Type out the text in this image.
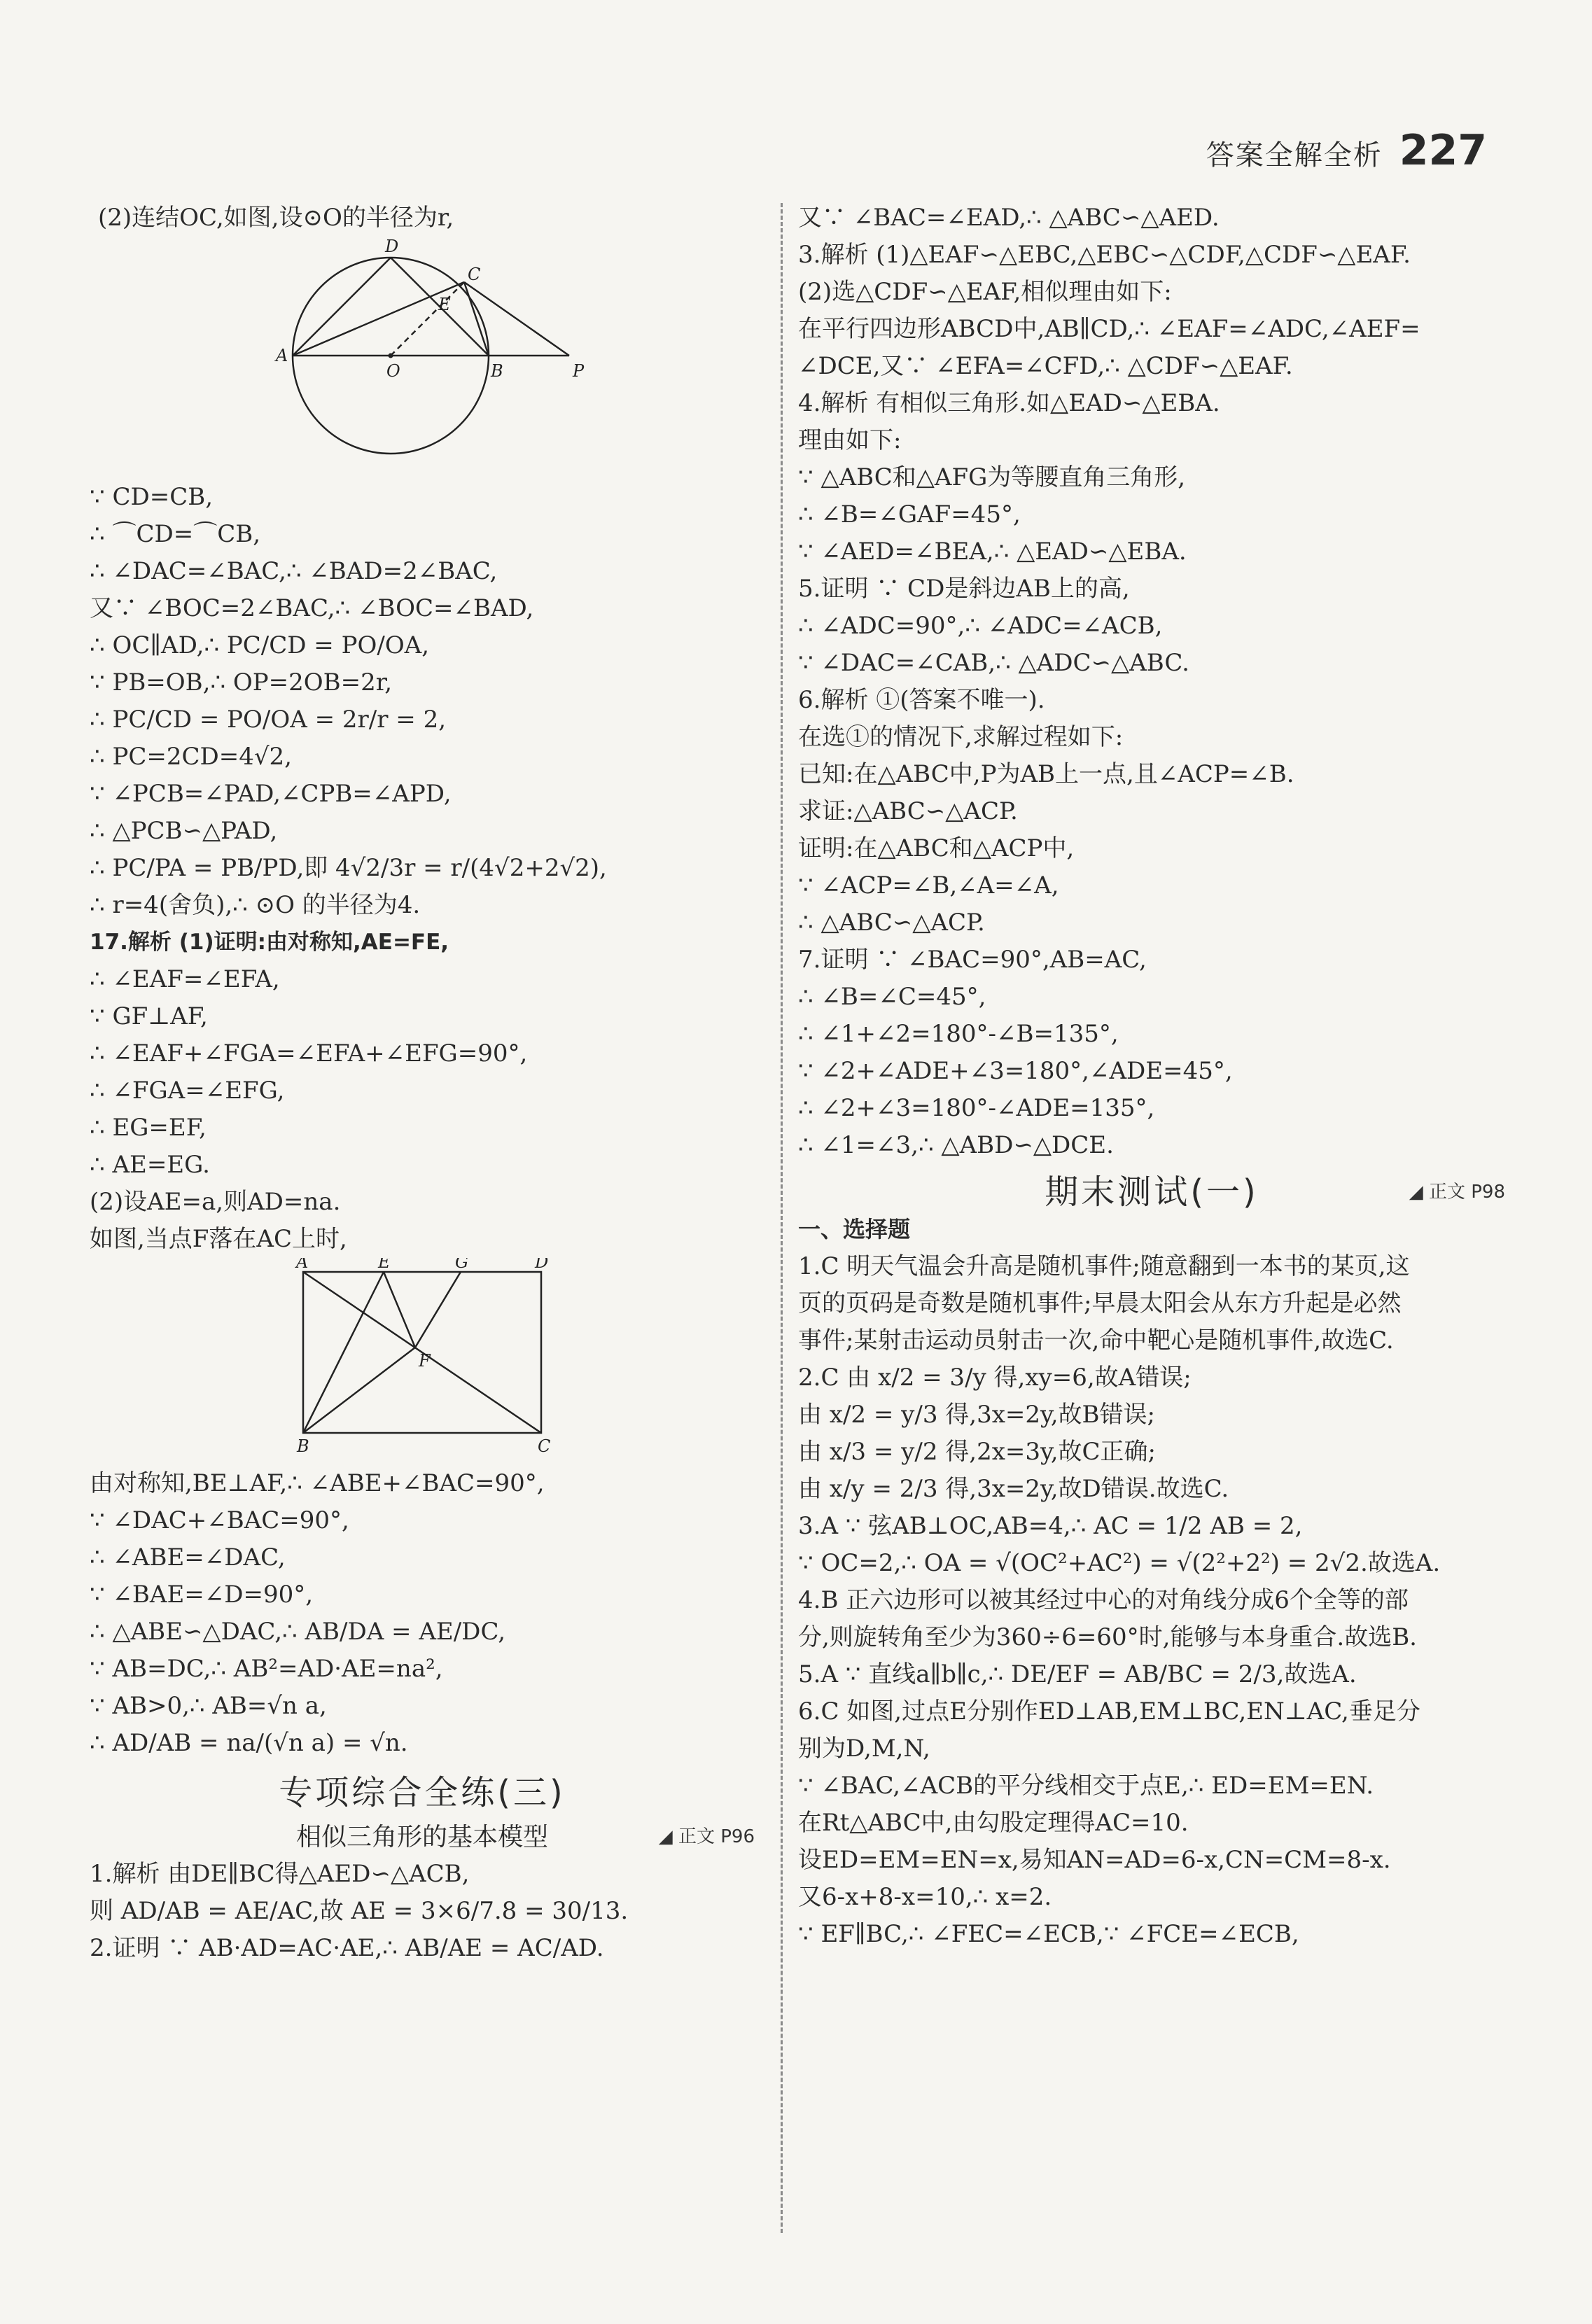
答案全解全析 227
(2)连结OC,如图,设⊙O的半径为r,
D
C
E
A
O	B	P
∵ CD=CB,
∴ ⌒CD=⌒CB,
∴ ∠DAC=∠BAC,∴ ∠BAD=2∠BAC,
又∵ ∠BOC=2∠BAC,∴ ∠BOC=∠BAD,
∴ OC∥AD,∴ PC/CD = PO/OA,
∵ PB=OB,∴ OP=2OB=2r,
∴ PC/CD = PO/OA = 2r/r = 2,
∴ PC=2CD=4√2,
∵ ∠PCB=∠PAD,∠CPB=∠APD,
∴ △PCB∽△PAD,
∴ PC/PA = PB/PD,即 4√2/3r = r/(4√2+2√2),
∴ r=4(舍负),∴ ⊙O 的半径为4.
17.解析 (1)证明:由对称知,AE=FE,
∴ ∠EAF=∠EFA,
∵ GF⊥AF,
∴ ∠EAF+∠FGA=∠EFA+∠EFG=90°,
∴ ∠FGA=∠EFG,
∴ EG=EF,
∴ AE=EG.
(2)设AE=a,则AD=na.
如图,当点F落在AC上时,
A	E	G	D
F
B	C
由对称知,BE⊥AF,∴ ∠ABE+∠BAC=90°,
∵ ∠DAC+∠BAC=90°,
∴ ∠ABE=∠DAC,
∵ ∠BAE=∠D=90°,
∴ △ABE∽△DAC,∴ AB/DA = AE/DC,
∵ AB=DC,∴ AB²=AD·AE=na²,
∵ AB>0,∴ AB=√n a,
∴ AD/AB = na/(√n a) = √n.
专项综合全练(三)
相似三角形的基本模型	◢ 正文 P96
1.解析 由DE∥BC得△AED∽△ACB,
则 AD/AB = AE/AC,故 AE = 3×6/7.8 = 30/13.
2.证明 ∵ AB·AD=AC·AE,∴ AB/AE = AC/AD.
又∵ ∠BAC=∠EAD,∴ △ABC∽△AED.
3.解析 (1)△EAF∽△EBC,△EBC∽△CDF,△CDF∽△EAF.
(2)选△CDF∽△EAF,相似理由如下:
在平行四边形ABCD中,AB∥CD,∴ ∠EAF=∠ADC,∠AEF=
∠DCE,又∵ ∠EFA=∠CFD,∴ △CDF∽△EAF.
4.解析 有相似三角形.如△EAD∽△EBA.
理由如下:
∵ △ABC和△AFG为等腰直角三角形,
∴ ∠B=∠GAF=45°,
∵ ∠AED=∠BEA,∴ △EAD∽△EBA.
5.证明 ∵ CD是斜边AB上的高,
∴ ∠ADC=90°,∴ ∠ADC=∠ACB,
∵ ∠DAC=∠CAB,∴ △ADC∽△ABC.
6.解析 ①(答案不唯一).
在选①的情况下,求解过程如下:
已知:在△ABC中,P为AB上一点,且∠ACP=∠B.
求证:△ABC∽△ACP.
证明:在△ABC和△ACP中,
∵ ∠ACP=∠B,∠A=∠A,
∴ △ABC∽△ACP.
7.证明 ∵ ∠BAC=90°,AB=AC,
∴ ∠B=∠C=45°,
∴ ∠1+∠2=180°-∠B=135°,
∵ ∠2+∠ADE+∠3=180°,∠ADE=45°,
∴ ∠2+∠3=180°-∠ADE=135°,
∴ ∠1=∠3,∴ △ABD∽△DCE.
期末测试(一)	◢ 正文 P98
一、选择题
1.C 明天气温会升高是随机事件;随意翻到一本书的某页,这
页的页码是奇数是随机事件;早晨太阳会从东方升起是必然
事件;某射击运动员射击一次,命中靶心是随机事件,故选C.
2.C 由 x/2 = 3/y 得,xy=6,故A错误;
由 x/2 = y/3 得,3x=2y,故B错误;
由 x/3 = y/2 得,2x=3y,故C正确;
由 x/y = 2/3 得,3x=2y,故D错误.故选C.
3.A ∵ 弦AB⊥OC,AB=4,∴ AC = 1/2 AB = 2,
∵ OC=2,∴ OA = √(OC²+AC²) = √(2²+2²) = 2√2.故选A.
4.B 正六边形可以被其经过中心的对角线分成6个全等的部
分,则旋转角至少为360÷6=60°时,能够与本身重合.故选B.
5.A ∵ 直线a∥b∥c,∴ DE/EF = AB/BC = 2/3,故选A.
6.C 如图,过点E分别作ED⊥AB,EM⊥BC,EN⊥AC,垂足分
别为D,M,N,
∵ ∠BAC,∠ACB的平分线相交于点E,∴ ED=EM=EN.
在Rt△ABC中,由勾股定理得AC=10.
设ED=EM=EN=x,易知AN=AD=6-x,CN=CM=8-x.
又6-x+8-x=10,∴ x=2.
∵ EF∥BC,∴ ∠FEC=∠ECB,∵ ∠FCE=∠ECB,
